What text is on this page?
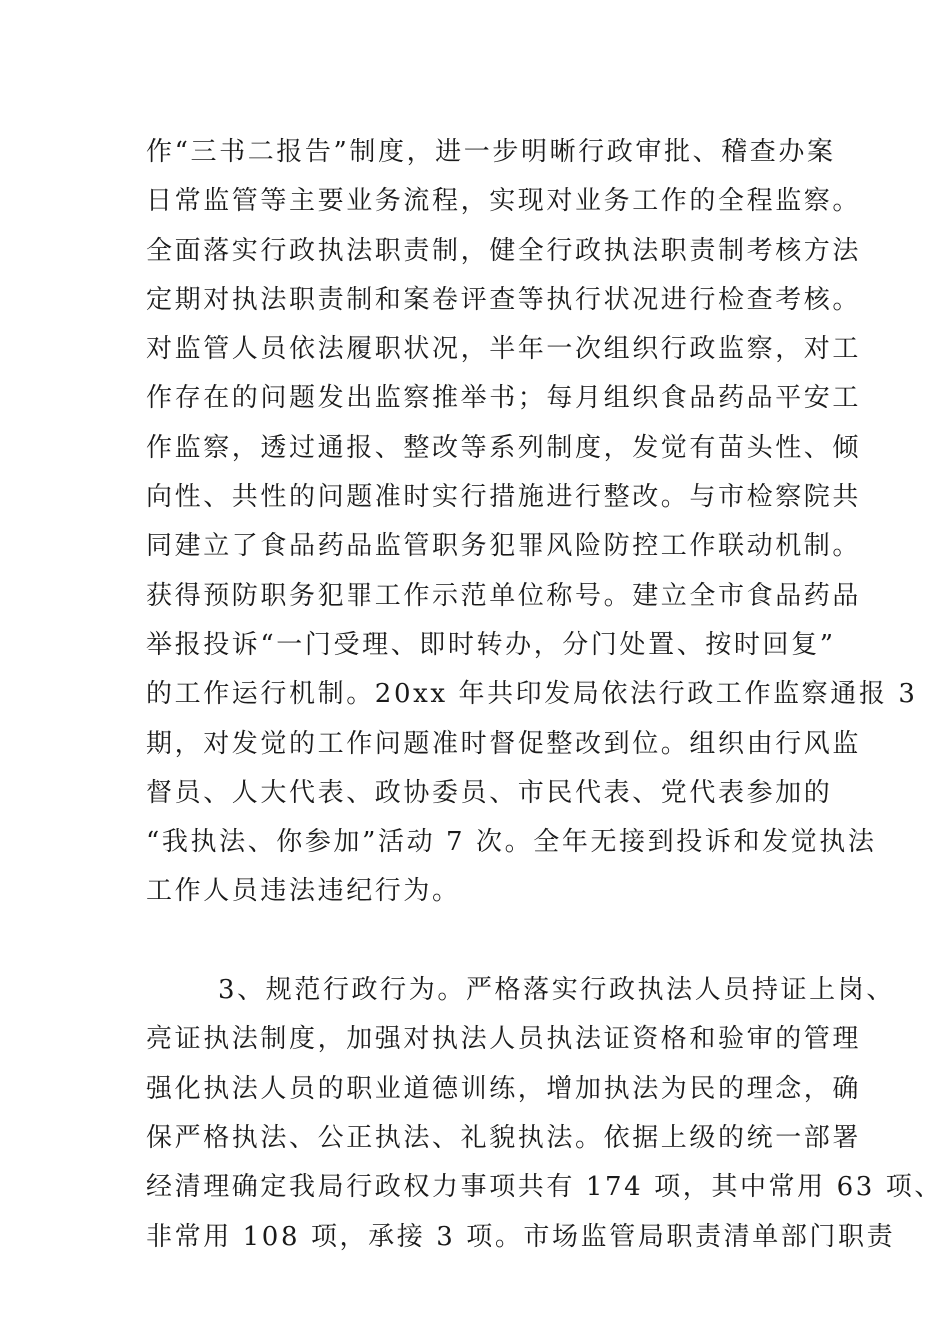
作“三书二报告”制度，进一步明晰行政审批、稽查办案
日常监管等主要业务流程，实现对业务工作的全程监察。
全面落实行政执法职责制，健全行政执法职责制考核方法
定期对执法职责制和案卷评查等执行状况进行检查考核。
对监管人员依法履职状况，半年一次组织行政监察，对工
作存在的问题发出监察推举书；每月组织食品药品平安工
作监察，透过通报、整改等系列制度，发觉有苗头性、倾
向性、共性的问题准时实行措施进行整改。与市检察院共
同建立了食品药品监管职务犯罪风险防控工作联动机制。
获得预防职务犯罪工作示范单位称号。建立全市食品药品
举报投诉“一门受理、即时转办，分门处置、按时回复”
的工作运行机制。20xx 年共印发局依法行政工作监察通报 3
期，对发觉的工作问题准时督促整改到位。组织由行风监
督员、人大代表、政协委员、市民代表、党代表参加的
“我执法、你参加”活动 7 次。全年无接到投诉和发觉执法
工作人员违法违纪行为。
3、规范行政行为。严格落实行政执法人员持证上岗、
亮证执法制度，加强对执法人员执法证资格和验审的管理
强化执法人员的职业道德训练，增加执法为民的理念，确
保严格执法、公正执法、礼貌执法。依据上级的统一部署
经清理确定我局行政权力事项共有 174 项，其中常用 63 项、
非常用 108 项，承接 3 项。市场监管局职责清单部门职责
